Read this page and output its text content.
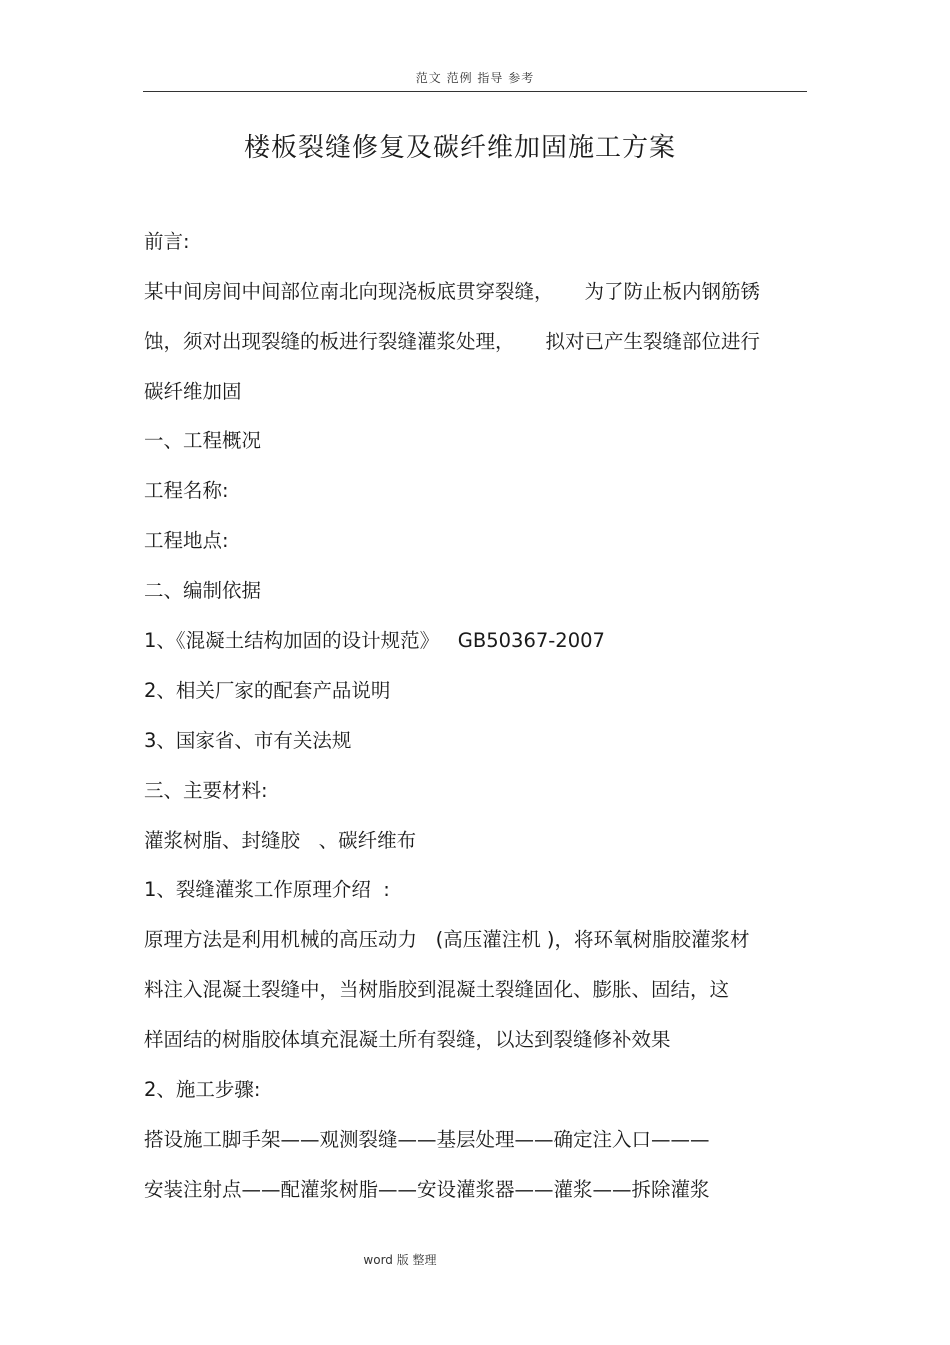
范文 范例 指导 参考
楼板裂缝修复及碳纤维加固施工方案
前言:
某中间房间中间部位南北向现浇板底贯穿裂缝，     为了防止板内钢筋锈
蚀，须对出现裂缝的板进行裂缝灌浆处理，     拟对已产生裂缝部位进行
碳纤维加固
一、工程概况
工程名称:
工程地点:
二、编制依据
1、《混凝土结构加固的设计规范》   GB50367-2007
2、相关厂家的配套产品说明
3、国家省、市有关法规
三、主要材料:
灌浆树脂、封缝胶   、碳纤维布
1、裂缝灌浆工作原理介绍  :
原理方法是利用机械的高压动力   (高压灌注机 )，将环氧树脂胶灌浆材
料注入混凝土裂缝中，当树脂胶到混凝土裂缝固化、膨胀、固结，这
样固结的树脂胶体填充混凝土所有裂缝，以达到裂缝修补效果
2、施工步骤:
搭设施工脚手架——观测裂缝——基层处理——确定注入口———
安装注射点——配灌浆树脂——安设灌浆器——灌浆——拆除灌浆
word 版 整理
